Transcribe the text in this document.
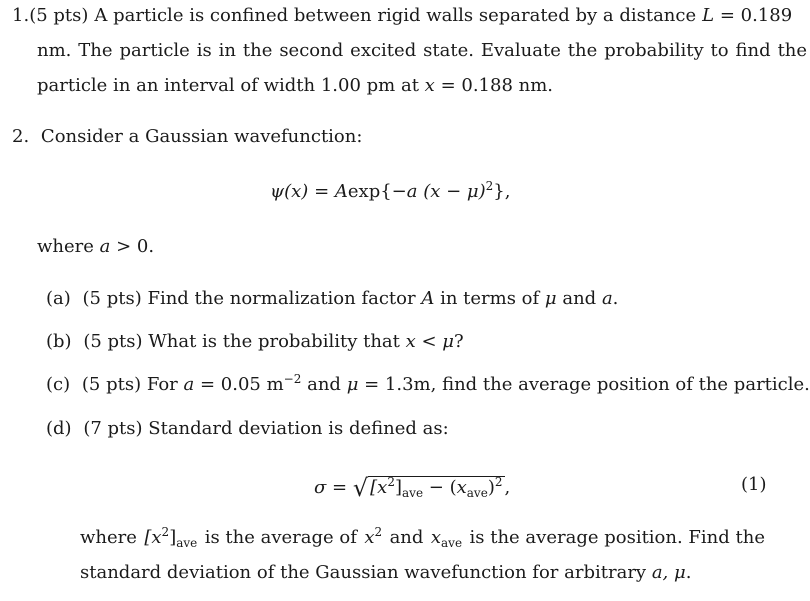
1. (5 pts) A particle is confined between rigid walls separated by a distance L = 0.189
nm. The particle is in the second excited state. Evaluate the probability to find the
particle in an interval of width 1.00 pm at x = 0.188 nm.
2. Consider a Gaussian wavefunction:
ψ(x) = Aexp{−a $(x - \mu)^2$},
where a > 0.
(a) (5 pts) Find the normalization factor A in terms of μ and a.
(b) (5 pts) What is the probability that x < μ?
(c) (5 pts) For a = 0.05 $m^{-2}$ and μ = 1.3m, find the average position of the particle.
(d) (7 pts) Standard deviation is defined as:
σ = √ $[x^2]_{ave} - (x_{ave})^2$ ,	(1)
where $[x^2]_{ave}$ is the average of $x^2$ and $x_{ave}$ is the average position. Find the
standard deviation of the Gaussian wavefunction for arbitrary a, μ.
